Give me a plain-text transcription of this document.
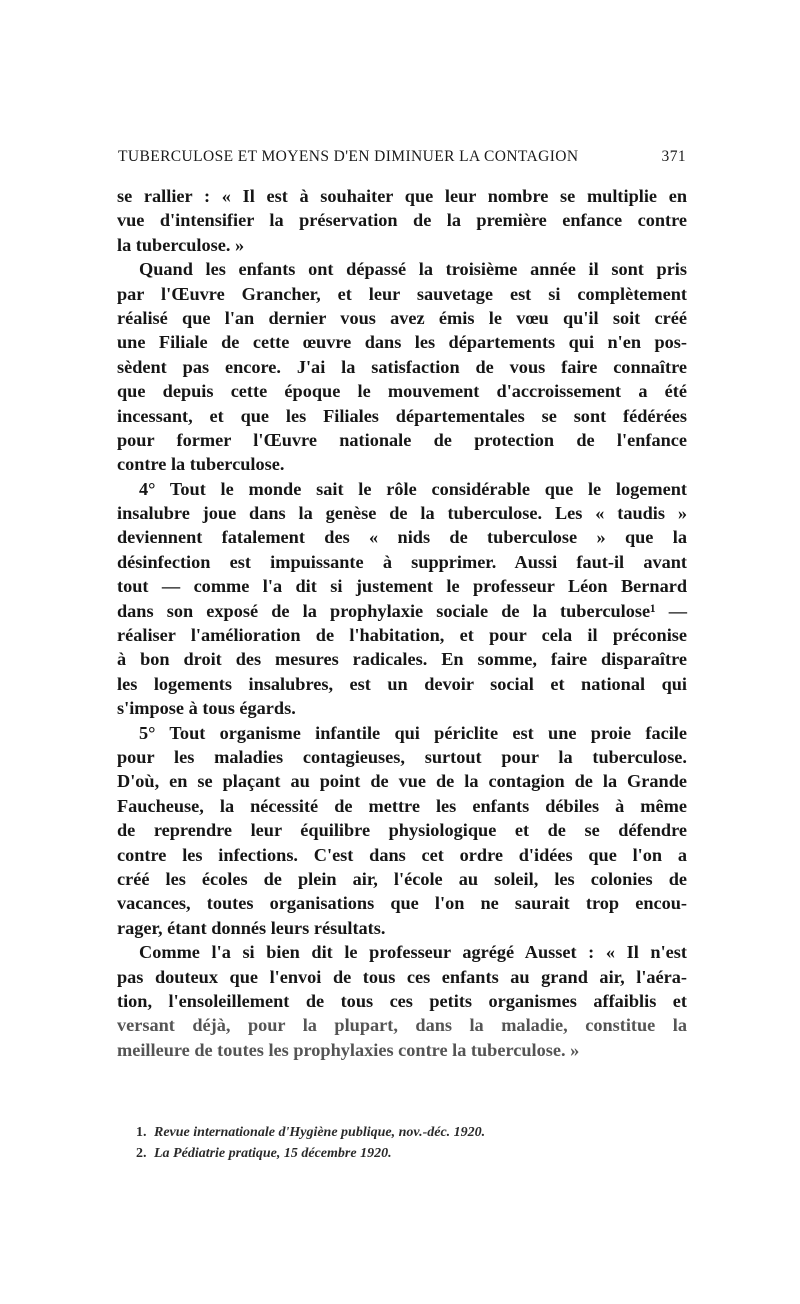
TUBERCULOSE ET MOYENS D'EN DIMINUER LA CONTAGION	371
se rallier : « Il est à souhaiter que leur nombre se multiplie en
vue d'intensifier la préservation de la première enfance contre
la tuberculose. »
Quand les enfants ont dépassé la troisième année il sont pris
par l'Œuvre Grancher, et leur sauvetage est si complètement
réalisé que l'an dernier vous avez émis le vœu qu'il soit créé
une Filiale de cette œuvre dans les départements qui n'en pos-
sèdent pas encore. J'ai la satisfaction de vous faire connaître
que depuis cette époque le mouvement d'accroissement a été
incessant, et que les Filiales départementales se sont fédérées
pour former l'Œuvre nationale de protection de l'enfance
contre la tuberculose.
4° Tout le monde sait le rôle considérable que le logement
insalubre joue dans la genèse de la tuberculose. Les « taudis »
deviennent fatalement des « nids de tuberculose » que la
désinfection est impuissante à supprimer. Aussi faut-il avant
tout — comme l'a dit si justement le professeur Léon Bernard
dans son exposé de la prophylaxie sociale de la tuberculose¹ —
réaliser l'amélioration de l'habitation, et pour cela il préconise
à bon droit des mesures radicales. En somme, faire disparaître
les logements insalubres, est un devoir social et national qui
s'impose à tous égards.
5° Tout organisme infantile qui périclite est une proie facile
pour les maladies contagieuses, surtout pour la tuberculose.
D'où, en se plaçant au point de vue de la contagion de la Grande
Faucheuse, la nécessité de mettre les enfants débiles à même
de reprendre leur équilibre physiologique et de se défendre
contre les infections. C'est dans cet ordre d'idées que l'on a
créé les écoles de plein air, l'école au soleil, les colonies de
vacances, toutes organisations que l'on ne saurait trop encou-
rager, étant donnés leurs résultats.
Comme l'a si bien dit le professeur agrégé Ausset : « Il n'est
pas douteux que l'envoi de tous ces enfants au grand air, l'aéra-
tion, l'ensoleillement de tous ces petits organismes affaiblis et
versant déjà, pour la plupart, dans la maladie, constitue la
meilleure de toutes les prophylaxies contre la tuberculose. »
1. Revue internationale d'Hygiène publique, nov.-déc. 1920.
2. La Pédiatrie pratique, 15 décembre 1920.
